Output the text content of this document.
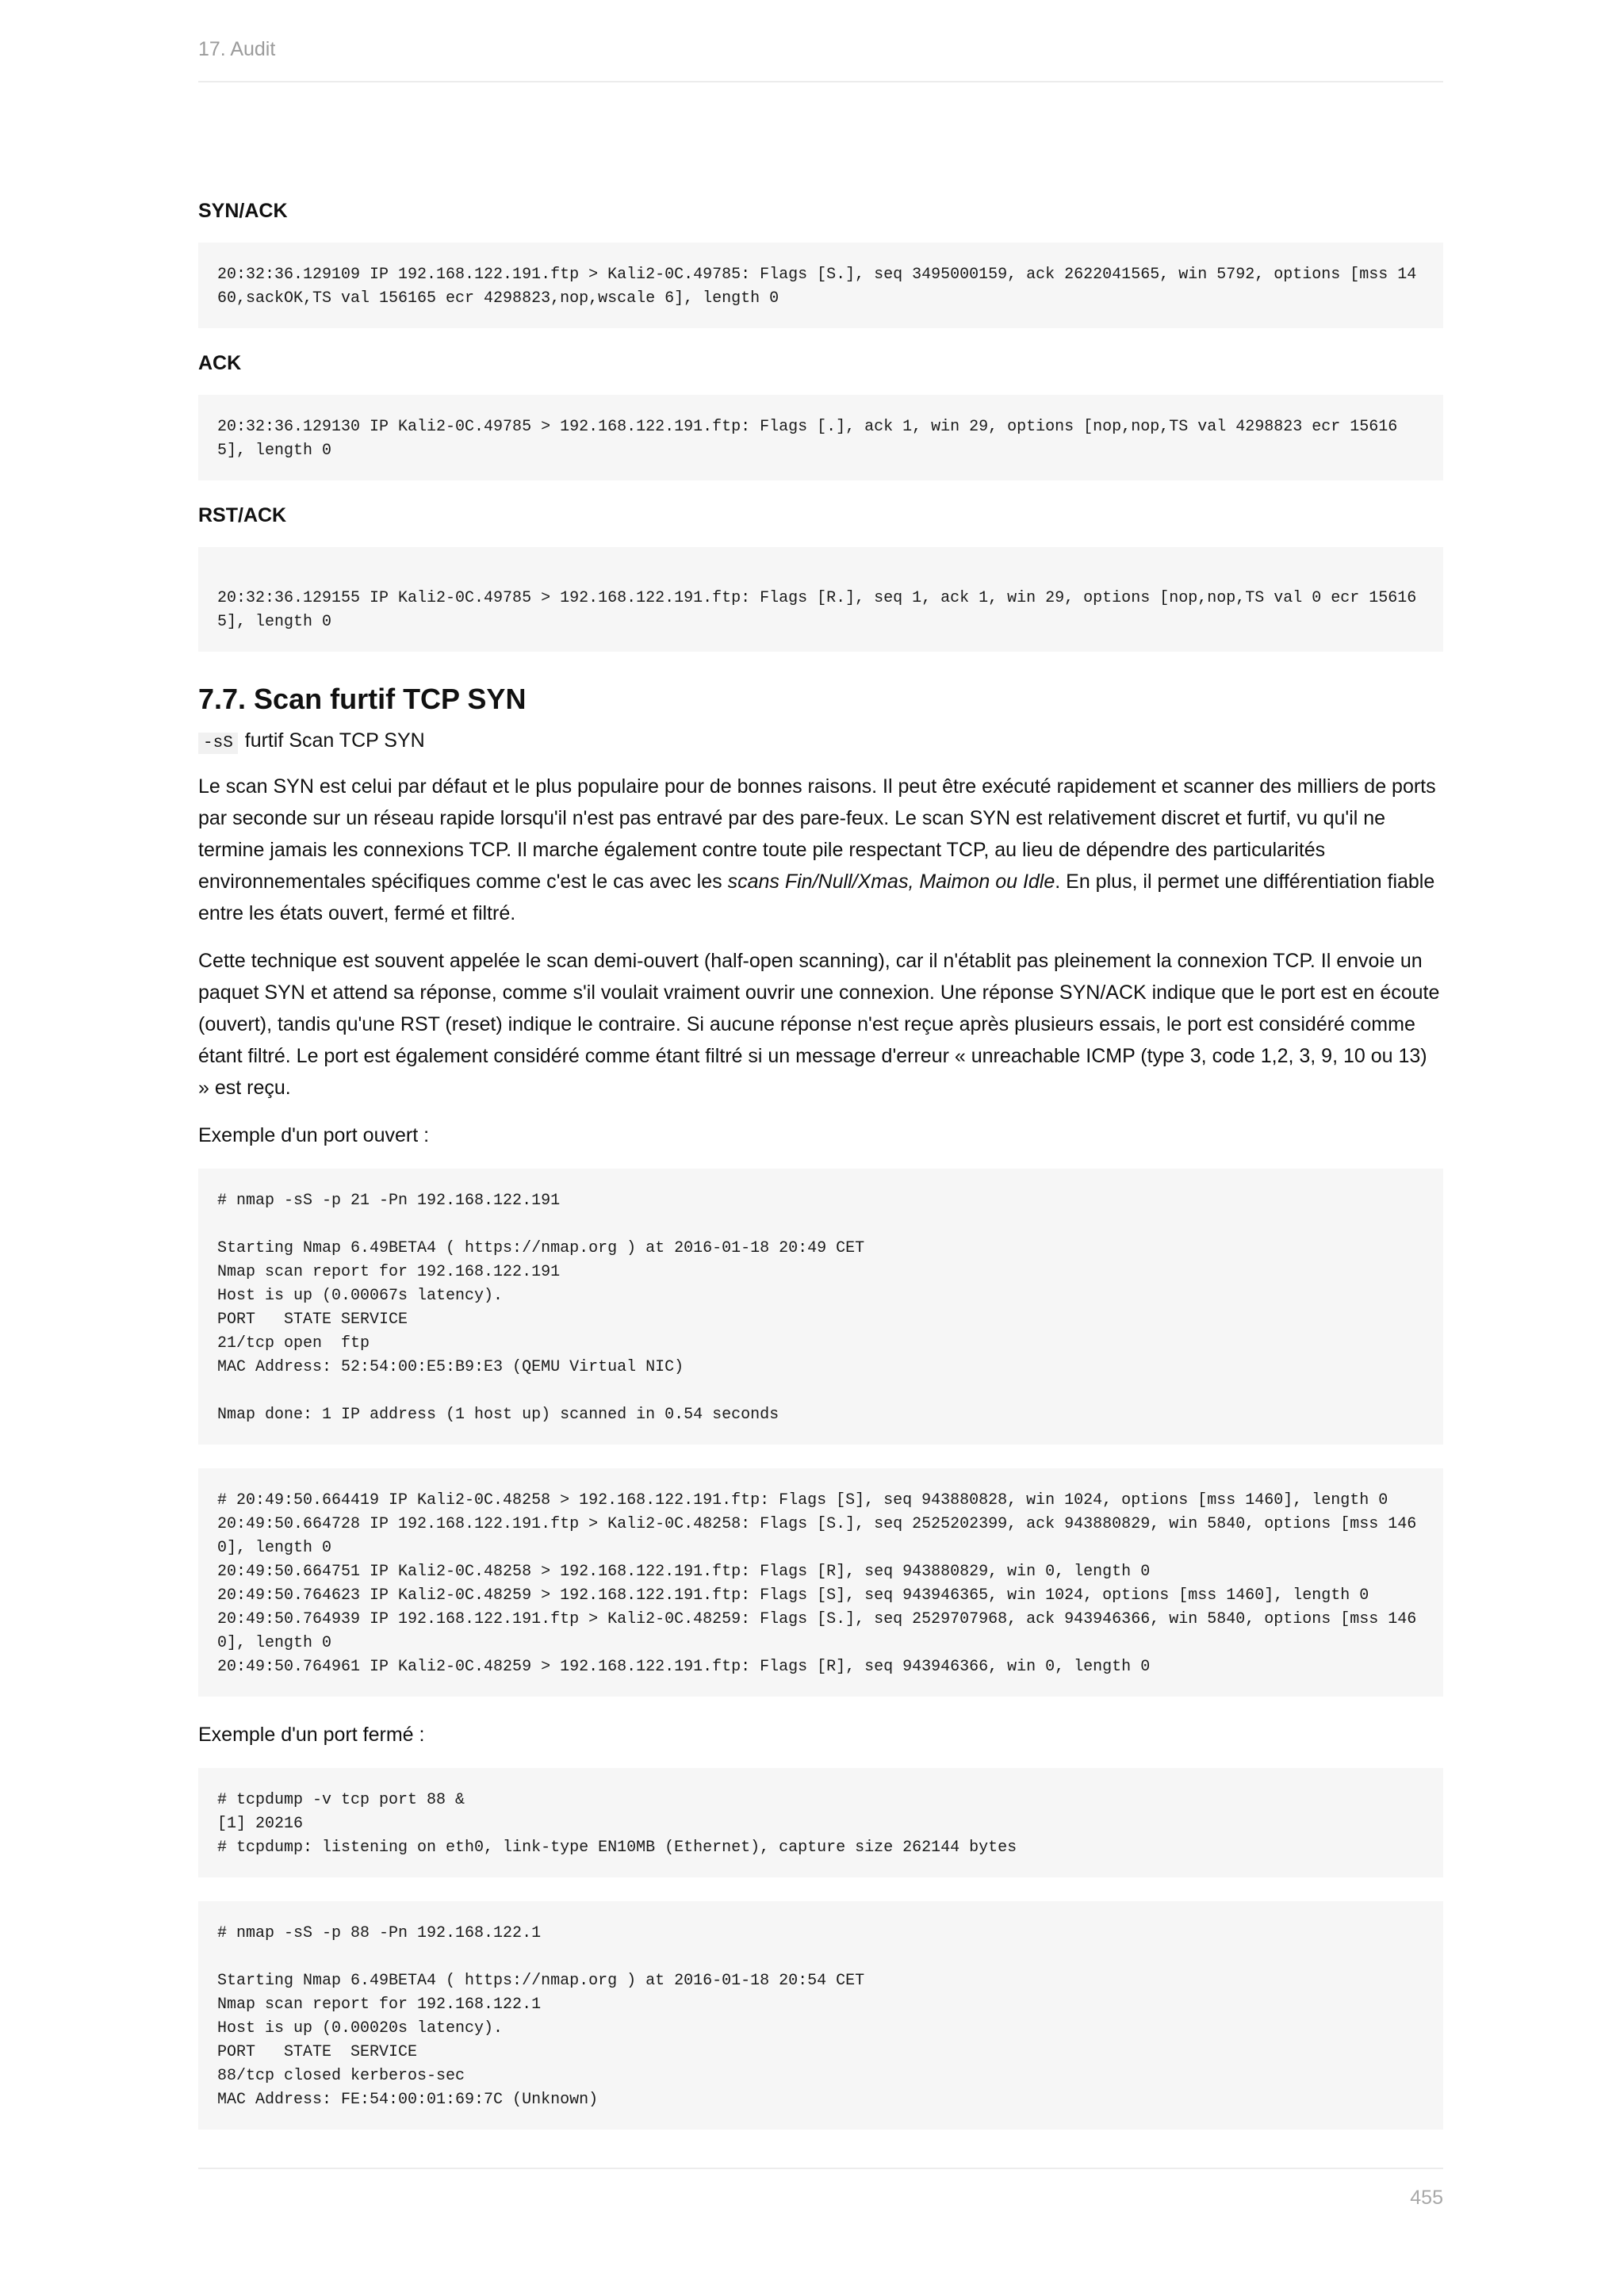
17. Audit
SYN/ACK
20:32:36.129109 IP 192.168.122.191.ftp > Kali2-0C.49785: Flags [S.], seq 3495000159, ack 2622041565, win 5792, options [mss 1460,sackOK,TS val 156165 ecr 4298823,nop,wscale 6], length 0
ACK
20:32:36.129130 IP Kali2-0C.49785 > 192.168.122.191.ftp: Flags [.], ack 1, win 29, options [nop,nop,TS val 4298823 ecr 156165], length 0
RST/ACK
20:32:36.129155 IP Kali2-0C.49785 > 192.168.122.191.ftp: Flags [R.], seq 1, ack 1, win 29, options [nop,nop,TS val 0 ecr 156165], length 0
7.7. Scan furtif TCP SYN
-sS furtif Scan TCP SYN

Le scan SYN est celui par défaut et le plus populaire pour de bonnes raisons. Il peut être exécuté rapidement et scanner des milliers de ports par seconde sur un réseau rapide lorsqu'il n'est pas entravé par des pare-feux. Le scan SYN est relativement discret et furtif, vu qu'il ne termine jamais les connexions TCP. Il marche également contre toute pile respectant TCP, au lieu de dépendre des particularités environnementales spécifiques comme c'est le cas avec les scans Fin/Null/Xmas, Maimon ou Idle. En plus, il permet une différentiation fiable entre les états ouvert, fermé et filtré.

Cette technique est souvent appelée le scan demi-ouvert (half-open scanning), car il n'établit pas pleinement la connexion TCP. Il envoie un paquet SYN et attend sa réponse, comme s'il voulait vraiment ouvrir une connexion. Une réponse SYN/ACK indique que le port est en écoute (ouvert), tandis qu'une RST (reset) indique le contraire. Si aucune réponse n'est reçue après plusieurs essais, le port est considéré comme étant filtré. Le port est également considéré comme étant filtré si un message d'erreur « unreachable ICMP (type 3, code 1,2, 3, 9, 10 ou 13) » est reçu.

Exemple d'un port ouvert :

# nmap -sS -p 21 -Pn 192.168.122.191

Starting Nmap 6.49BETA4 ( https://nmap.org ) at 2016-01-18 20:49 CET
Nmap scan report for 192.168.122.191
Host is up (0.00067s latency).
PORT   STATE SERVICE
21/tcp open  ftp
MAC Address: 52:54:00:E5:B9:E3 (QEMU Virtual NIC)

Nmap done: 1 IP address (1 host up) scanned in 0.54 seconds
# 20:49:50.664419 IP Kali2-0C.48258 > 192.168.122.191.ftp: Flags [S], seq 943880828, win 1024, options [mss 1460], length 0
20:49:50.664728 IP 192.168.122.191.ftp > Kali2-0C.48258: Flags [S.], seq 2525202399, ack 943880829, win 5840, options [mss 1460], length 0
20:49:50.664751 IP Kali2-0C.48258 > 192.168.122.191.ftp: Flags [R], seq 943880829, win 0, length 0
20:49:50.764623 IP Kali2-0C.48259 > 192.168.122.191.ftp: Flags [S], seq 943946365, win 1024, options [mss 1460], length 0
20:49:50.764939 IP 192.168.122.191.ftp > Kali2-0C.48259: Flags [S.], seq 2529707968, ack 943946366, win 5840, options [mss 1460], length 0
20:49:50.764961 IP Kali2-0C.48259 > 192.168.122.191.ftp: Flags [R], seq 943946366, win 0, length 0

Exemple d'un port fermé :

# tcpdump -v tcp port 88 &
[1] 20216
# tcpdump: listening on eth0, link-type EN10MB (Ethernet), capture size 262144 bytes
# nmap -sS -p 88 -Pn 192.168.122.1

Starting Nmap 6.49BETA4 ( https://nmap.org ) at 2016-01-18 20:54 CET
Nmap scan report for 192.168.122.1
Host is up (0.00020s latency).
PORT   STATE  SERVICE
88/tcp closed kerberos-sec
MAC Address: FE:54:00:01:69:7C (Unknown)
455
